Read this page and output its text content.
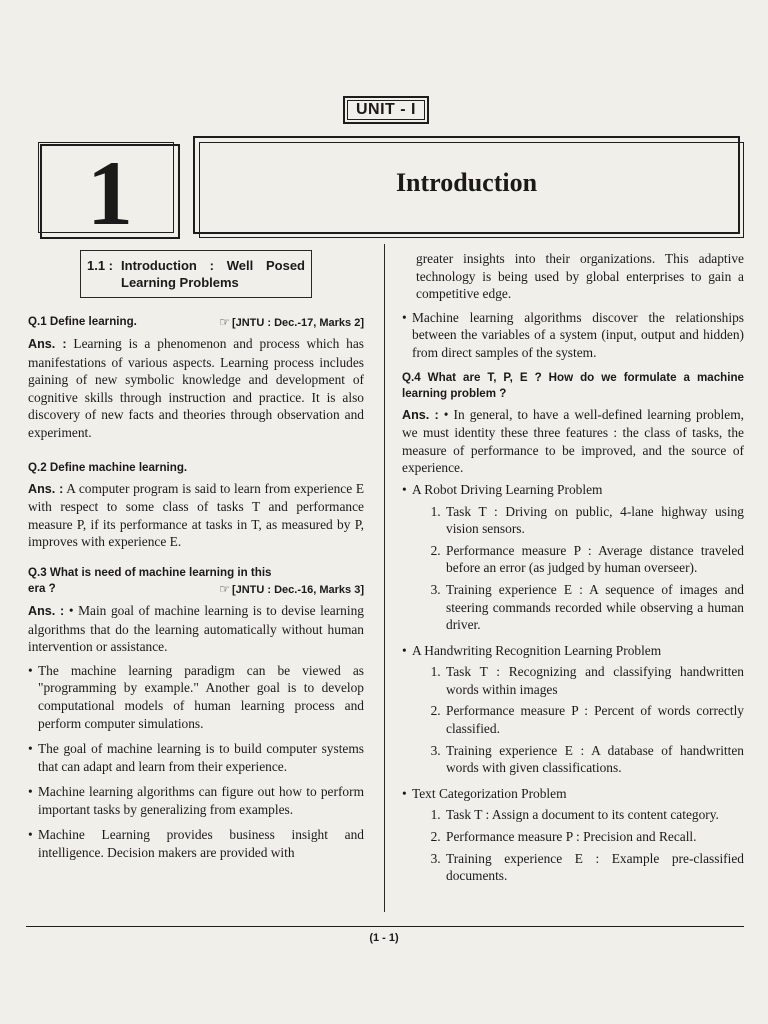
UNIT - I
1	Introduction
1.1 : Introduction : Well Posed Learning Problems
Q.1 Define learning.	☞ [JNTU : Dec.-17, Marks 2]

Ans. : Learning is a phenomenon and process which has manifestations of various aspects. Learning process includes gaining of new symbolic knowledge and development of cognitive skills through instruction and practice. It is also discovery of new facts and theories through observation and experiment.

Q.2 Define machine learning.

Ans. : A computer program is said to learn from experience E with respect to some class of tasks T and performance measure P, if its performance at tasks in T, as measured by P, improves with experience E.

Q.3 What is need of machine learning in this
era ?	☞ [JNTU : Dec.-16, Marks 3]

Ans. : • Main goal of machine learning is to devise learning algorithms that do the learning automatically without human intervention or assistance.

• The machine learning paradigm can be viewed as "programming by example." Another goal is to develop computational models of human learning process and perform computer simulations.
• The goal of machine learning is to build computer systems that can adapt and learn from their experience.
• Machine learning algorithms can figure out how to perform important tasks by generalizing from examples.
• Machine Learning provides business insight and intelligence. Decision makers are provided with

greater insights into their organizations. This adaptive technology is being used by global enterprises to gain a competitive edge.

• Machine learning algorithms discover the relationships between the variables of a system (input, output and hidden) from direct samples of the system.
Q.4 What are T, P, E ? How do we formulate a machine learning problem ?

Ans. : • In general, to have a well-defined learning problem, we must identity these three features : the class of tasks, the measure of performance to be improved, and the source of experience.

• A Robot Driving Learning Problem
1. Task T : Driving on public, 4-lane highway using vision sensors.
2. Performance measure P : Average distance traveled before an error (as judged by human overseer).
3. Training experience E : A sequence of images and steering commands recorded while observing a human driver.
• A Handwriting Recognition Learning Problem
1. Task T : Recognizing and classifying handwritten words within images
2. Performance measure P : Percent of words correctly classified.
3. Training experience E : A database of handwritten words with given classifications.
• Text Categorization Problem
1. Task T : Assign a document to its content category.
2. Performance measure P : Precision and Recall.
3. Training experience E : Example pre-classified documents.
(1 - 1)
